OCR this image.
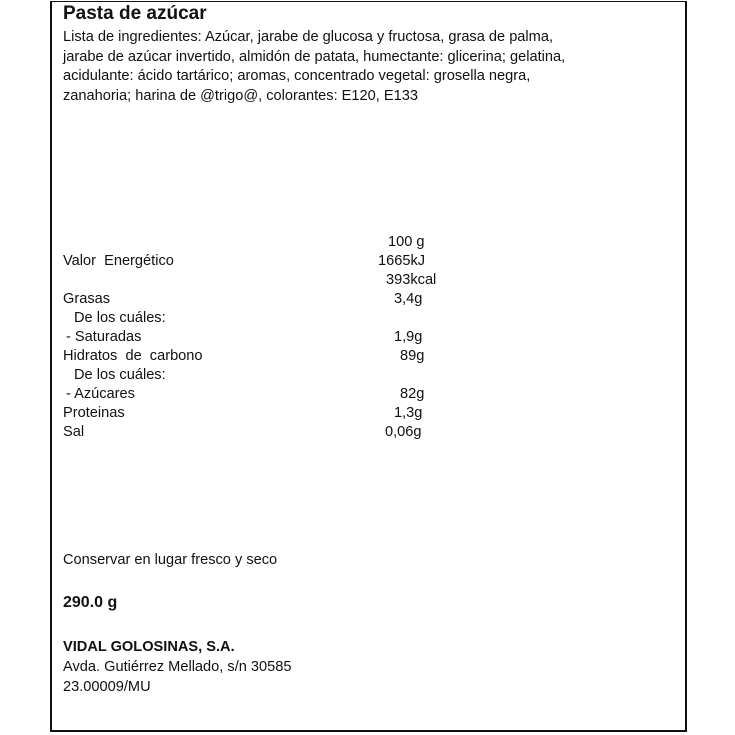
Pasta de azúcar
Lista de ingredientes: Azúcar, jarabe de glucosa y fructosa, grasa de palma,
jarabe de azúcar invertido, almidón de patata, humectante: glicerina; gelatina,
acidulante: ácido tartárico; aromas, concentrado vegetal: grosella negra,
zanahoria; harina de @trigo@, colorantes: E120, E133
100 g
Valor  Energético	1665kJ
393kcal
Grasas	3,4g
De los cuáles:
- Saturadas	1,9g
Hidratos  de  carbono	89g
De los cuáles:
- Azúcares	82g
Proteinas	1,3g
Sal	0,06g
Conservar en lugar fresco y seco
290.0 g
VIDAL GOLOSINAS, S.A.
Avda. Gutiérrez Mellado, s/n 30585
23.00009/MU
